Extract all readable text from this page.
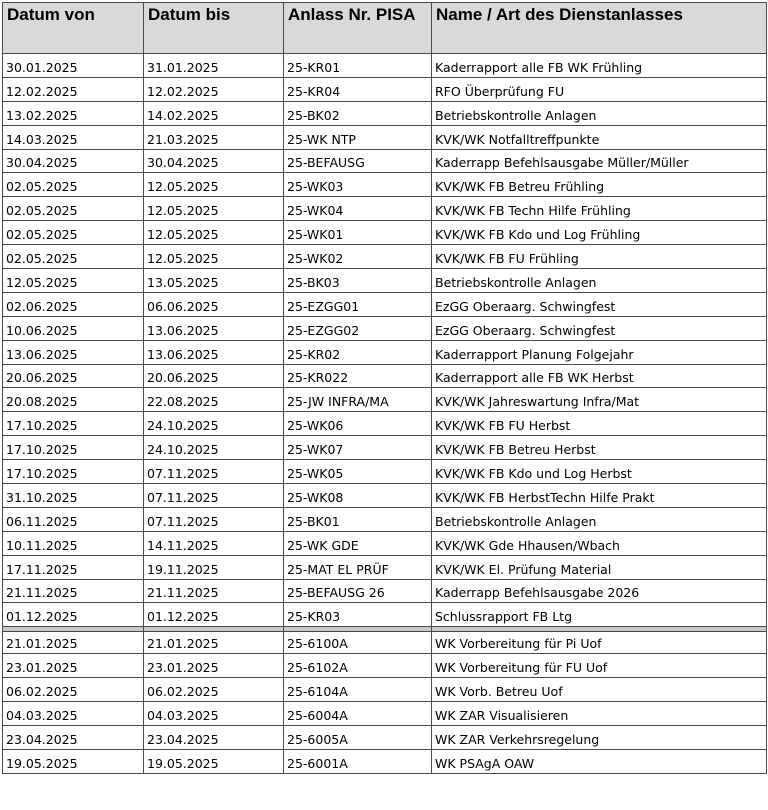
Datum von	Datum bis	Anlass Nr. PISA	Name / Art des Dienstanlasses
30.01.2025	31.01.2025	25-KR01	Kaderrapport alle FB WK Frühling
12.02.2025	12.02.2025	25-KR04	RFO Überprüfung FU
13.02.2025	14.02.2025	25-BK02	Betriebskontrolle Anlagen
14.03.2025	21.03.2025	25-WK NTP	KVK/WK Notfalltreffpunkte
30.04.2025	30.04.2025	25-BEFAUSG	Kaderrapp Befehlsausgabe Müller/Müller
02.05.2025	12.05.2025	25-WK03	KVK/WK FB Betreu Frühling
02.05.2025	12.05.2025	25-WK04	KVK/WK FB Techn Hilfe Frühling
02.05.2025	12.05.2025	25-WK01	KVK/WK FB Kdo und Log Frühling
02.05.2025	12.05.2025	25-WK02	KVK/WK FB FU Frühling
12.05.2025	13.05.2025	25-BK03	Betriebskontrolle Anlagen
02.06.2025	06.06.2025	25-EZGG01	EzGG Oberaarg. Schwingfest
10.06.2025	13.06.2025	25-EZGG02	EzGG Oberaarg. Schwingfest
13.06.2025	13.06.2025	25-KR02	Kaderrapport Planung Folgejahr
20.06.2025	20.06.2025	25-KR022	Kaderrapport alle FB WK Herbst
20.08.2025	22.08.2025	25-JW INFRA/MA	KVK/WK Jahreswartung Infra/Mat
17.10.2025	24.10.2025	25-WK06	KVK/WK FB FU Herbst
17.10.2025	24.10.2025	25-WK07	KVK/WK FB Betreu Herbst
17.10.2025	07.11.2025	25-WK05	KVK/WK FB Kdo und Log Herbst
31.10.2025	07.11.2025	25-WK08	KVK/WK FB HerbstTechn Hilfe Prakt
06.11.2025	07.11.2025	25-BK01	Betriebskontrolle Anlagen
10.11.2025	14.11.2025	25-WK GDE	KVK/WK Gde Hhausen/Wbach
17.11.2025	19.11.2025	25-MAT EL PRÜF	KVK/WK El. Prüfung Material
21.11.2025	21.11.2025	25-BEFAUSG 26	Kaderrapp Befehlsausgabe 2026
01.12.2025	01.12.2025	25-KR03	Schlussrapport FB Ltg

21.01.2025	21.01.2025	25-6100A	WK Vorbereitung für Pi Uof
23.01.2025	23.01.2025	25-6102A	WK Vorbereitung für FU Uof
06.02.2025	06.02.2025	25-6104A	WK Vorb. Betreu Uof
04.03.2025	04.03.2025	25-6004A	WK ZAR Visualisieren
23.04.2025	23.04.2025	25-6005A	WK ZAR Verkehrsregelung
19.05.2025	19.05.2025	25-6001A	WK PSAgA OAW
